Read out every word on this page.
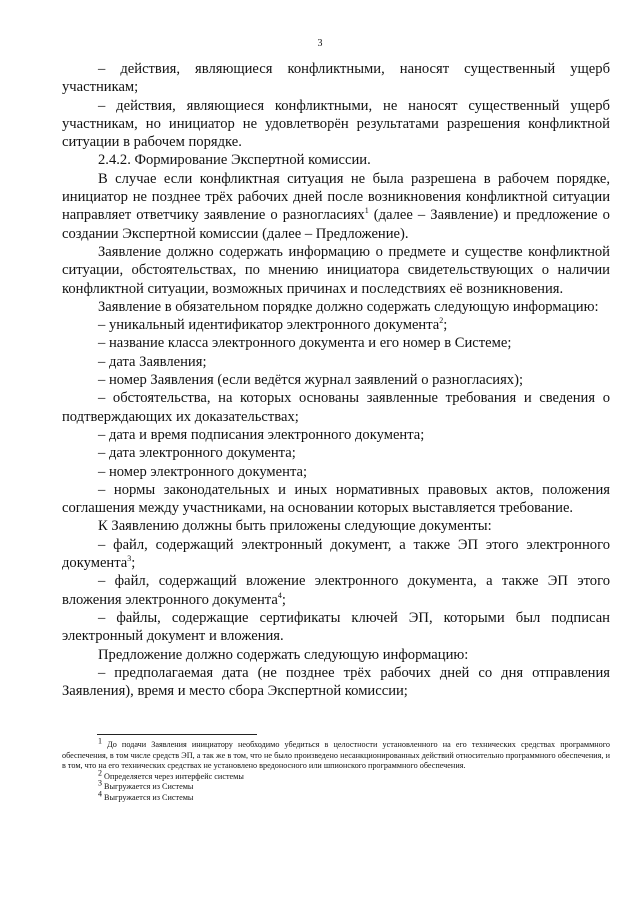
3

– действия, являющиеся конфликтными, наносят существенный ущерб участникам;

– действия, являющиеся конфликтными, не наносят существенный ущерб участникам, но инициатор не удовлетворён результатами разрешения конфликтной ситуации в рабочем порядке.

2.4.2. Формирование Экспертной комиссии.

В случае если конфликтная ситуация не была разрешена в рабочем порядке, инициатор не позднее трёх рабочих дней после возникновения конфликтной ситуации направляет ответчику заявление о разногласиях$^1$ (далее – Заявление) и предложение о создании Экспертной комиссии (далее – Предложение).

Заявление должно содержать информацию о предмете и существе конфликтной ситуации, обстоятельствах, по мнению инициатора свидетельствующих о наличии конфликтной ситуации, возможных причинах и последствиях её возникновения.

Заявление в обязательном порядке должно содержать следующую информацию:

– уникальный идентификатор электронного документа$^2$;

– название класса электронного документа и его номер в Системе;

– дата Заявления;

– номер Заявления (если ведётся журнал заявлений о разногласиях);

– обстоятельства, на которых основаны заявленные требования и сведения о подтверждающих их доказательствах;

– дата и время подписания электронного документа;

– дата электронного документа;

– номер электронного документа;

– нормы законодательных и иных нормативных правовых актов, положения соглашения между участниками, на основании которых выставляется требование.

К Заявлению должны быть приложены следующие документы:

– файл, содержащий электронный документ, а также ЭП этого электронного документа$^3$;

– файл, содержащий вложение электронного документа, а также ЭП этого вложения электронного документа$^4$;

– файлы, содержащие сертификаты ключей ЭП, которыми был подписан электронный документ и вложения.

Предложение должно содержать следующую информацию:

– предполагаемая дата (не позднее трёх рабочих дней со дня отправления Заявления), время и место сбора Экспертной комиссии;

$^1$ До подачи Заявления инициатору необходимо убедиться в целостности установленного на его технических средствах программного обеспечения, в том числе средств ЭП, а так же в том, что не было произведено несанкционированных действий относительно программного обеспечения, и в том, что на его технических средствах не установлено вредоносного или шпионского программного обеспечения.

$^2$ Определяется через интерфейс системы

$^3$ Выгружается из Системы

$^4$ Выгружается из Системы
